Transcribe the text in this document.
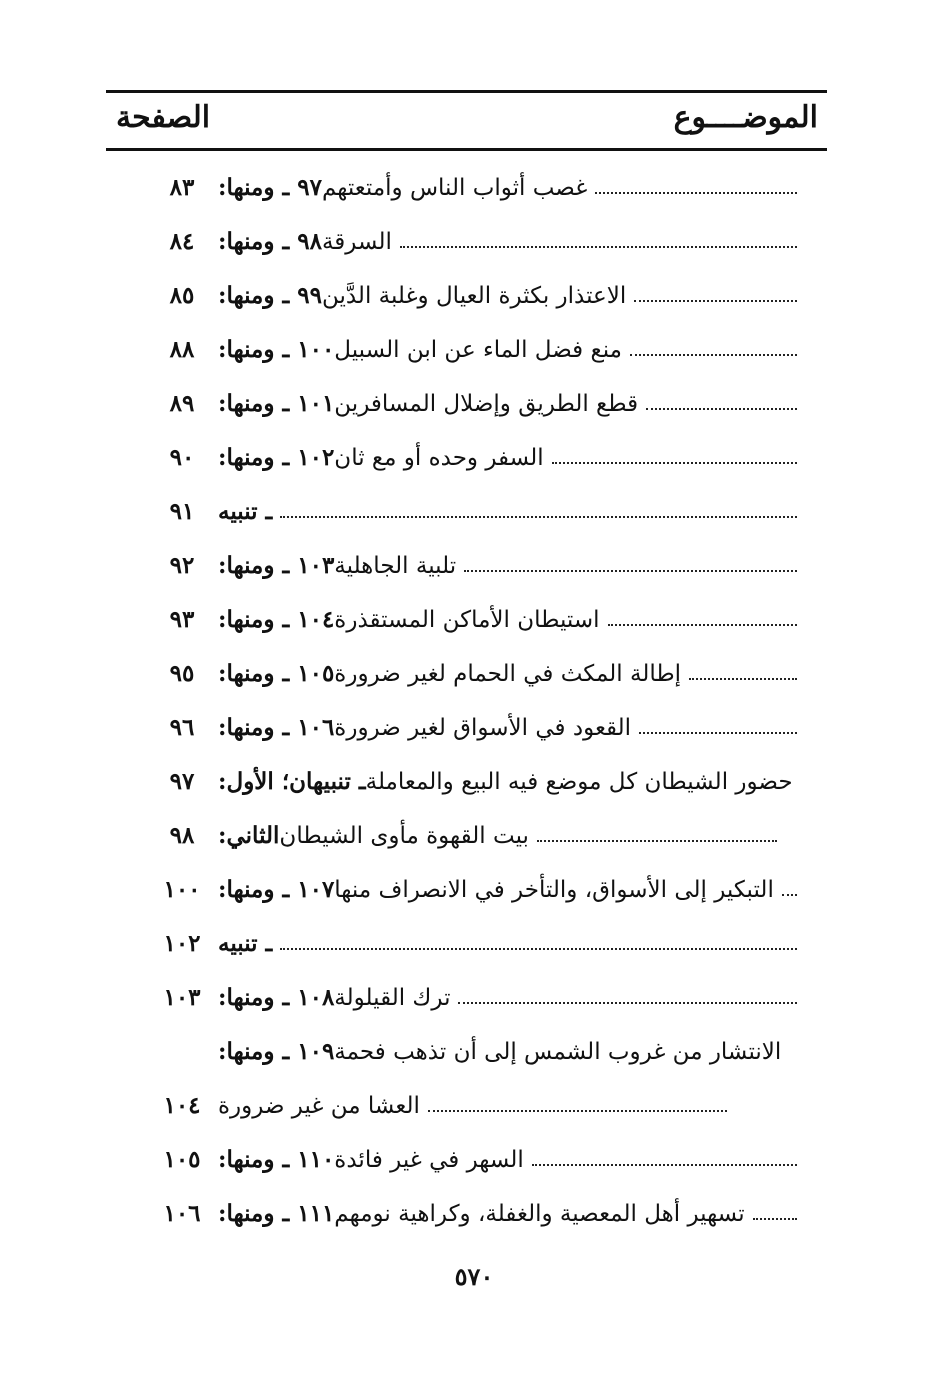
الموضــــوع
الصفحة
٩٧ ـ ومنها: غصب أثواب الناس وأمتعتهم
٨٣
٩٨ ـ ومنها: السرقة
٨٤
٩٩ ـ ومنها: الاعتذار بكثرة العيال وغلبة الدَّين
٨٥
١٠٠ ـ ومنها: منع فضل الماء عن ابن السبيل
٨٨
١٠١ ـ ومنها: قطع الطريق وإضلال المسافرين
٨٩
١٠٢ ـ ومنها: السفر وحده أو مع ثان
٩٠
ـ تنبيه
٩١
١٠٣ ـ ومنها: تلبية الجاهلية
٩٢
١٠٤ ـ ومنها: استيطان الأماكن المستقذرة
٩٣
١٠٥ ـ ومنها: إطالة المكث في الحمام لغير ضرورة
٩٥
١٠٦ ـ ومنها: القعود في الأسواق لغير ضرورة
٩٦
ـ تنبيهان؛ الأول: حضور الشيطان كل موضع فيه البيع والمعاملة
٩٧
الثاني: بيت القهوة مأوى الشيطان
٩٨
١٠٧ ـ ومنها: التبكير إلى الأسواق، والتأخر في الانصراف منها
١٠٠
ـ تنبيه
١٠٢
١٠٨ ـ ومنها: ترك القيلولة
١٠٣
١٠٩ ـ ومنها: الانتشار من غروب الشمس إلى أن تذهب فحمة
العشا من غير ضرورة
١٠٤
١١٠ ـ ومنها: السهر في غير فائدة
١٠٥
١١١ ـ ومنها: تسهير أهل المعصية والغفلة، وكراهية نومهم
١٠٦
٥٧٠
